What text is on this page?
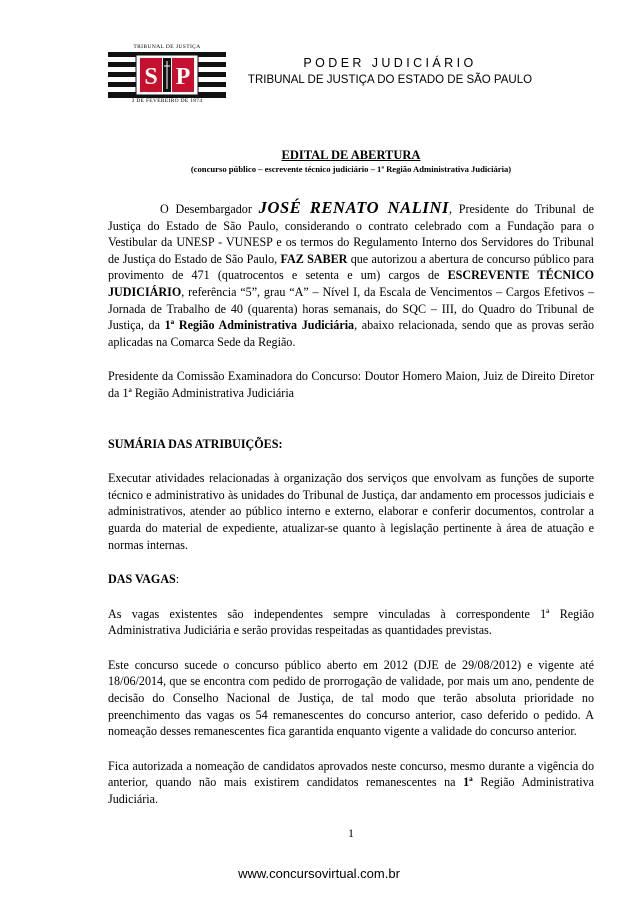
TRIBUNAL DE JUSTIÇA
S P
3 DE FEVEREIRO DE 1874
PODER JUDICIÁRIO
TRIBUNAL DE JUSTIÇA DO ESTADO DE SÃO PAULO
EDITAL DE ABERTURA
(concurso público – escrevente técnico judiciário – 1ª Região Administrativa Judiciária)

O Desembargador JOSÉ RENATO NALINI, Presidente do Tribunal de Justiça do Estado de São Paulo, considerando o contrato celebrado com a Fundação para o Vestibular da UNESP - VUNESP e os termos do Regulamento Interno dos Servidores do Tribunal de Justiça do Estado de São Paulo, FAZ SABER que autorizou a abertura de concurso público para provimento de 471 (quatrocentos e setenta e um) cargos de ESCREVENTE TÉCNICO JUDICIÁRIO, referência “5”, grau “A” – Nível I, da Escala de Vencimentos – Cargos Efetivos – Jornada de Trabalho de 40 (quarenta) horas semanais, do SQC – III, do Quadro do Tribunal de Justiça, da 1ª Região Administrativa Judiciária, abaixo relacionada, sendo que as provas serão aplicadas na Comarca Sede da Região.

Presidente da Comissão Examinadora do Concurso: Doutor Homero Maion, Juiz de Direito Diretor da 1ª Região Administrativa Judiciária

SUMÁRIA DAS ATRIBUIÇÕES:

Executar atividades relacionadas à organização dos serviços que envolvam as funções de suporte técnico e administrativo às unidades do Tribunal de Justiça, dar andamento em processos judiciais e administrativos, atender ao público interno e externo, elaborar e conferir documentos, controlar a guarda do material de expediente, atualizar-se quanto à legislação pertinente à área de atuação e normas internas.

DAS VAGAS:

As vagas existentes são independentes sempre vinculadas à correspondente 1ª Região Administrativa Judiciária e serão providas respeitadas as quantidades previstas.

Este concurso sucede o concurso público aberto em 2012 (DJE de 29/08/2012) e vigente até 18/06/2014, que se encontra com pedido de prorrogação de validade, por mais um ano, pendente de decisão do Conselho Nacional de Justiça, de tal modo que terão absoluta prioridade no preenchimento das vagas os 54 remanescentes do concurso anterior, caso deferido o pedido. A nomeação desses remanescentes fica garantida enquanto vigente a validade do concurso anterior.

Fica autorizada a nomeação de candidatos aprovados neste concurso, mesmo durante a vigência do anterior, quando não mais existirem candidatos remanescentes na 1ª Região Administrativa Judiciária.

1
www.concursovirtual.com.br
